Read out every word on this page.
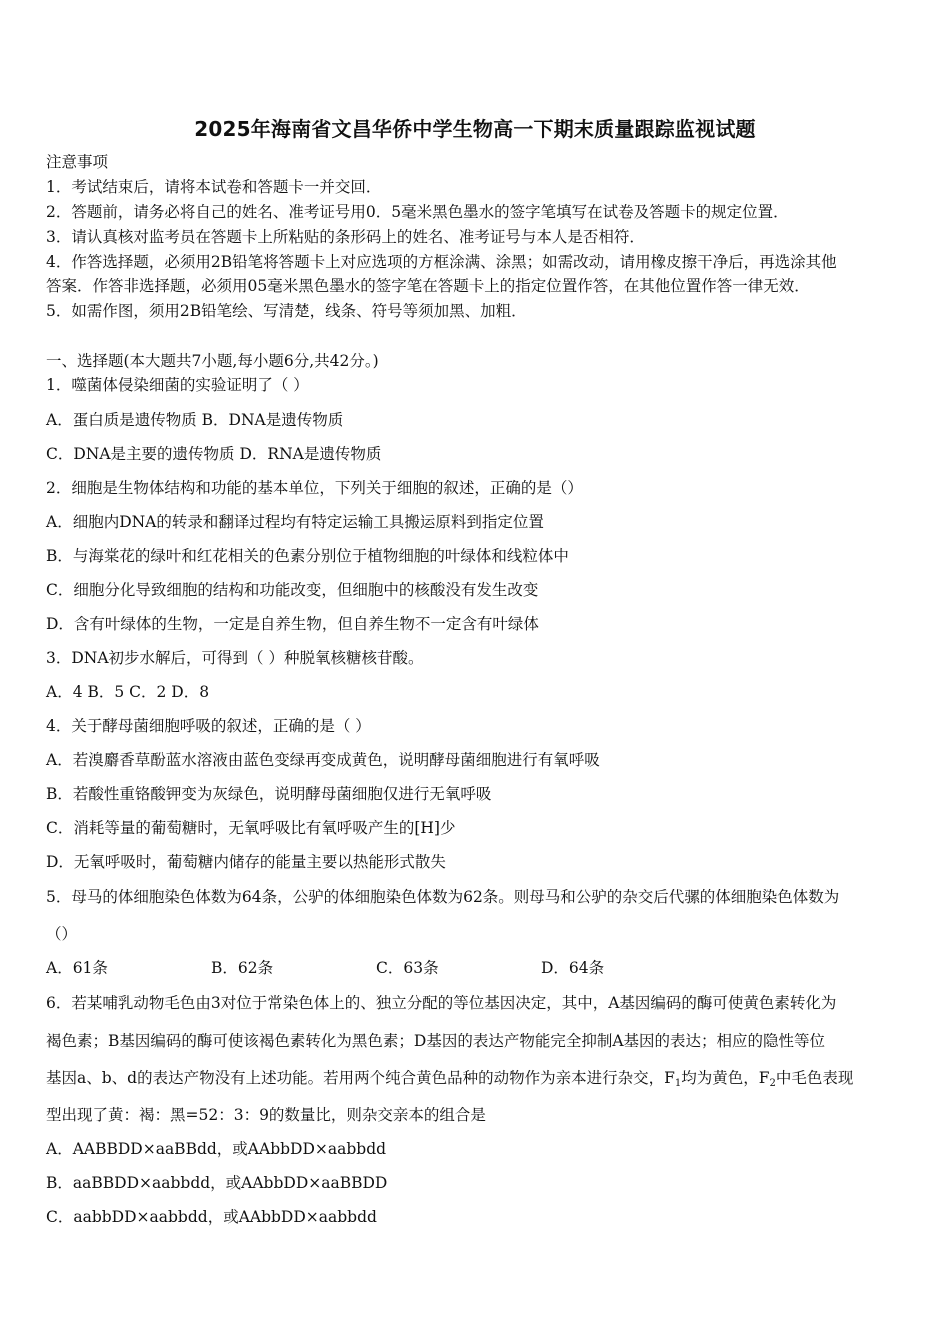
2025年海南省文昌华侨中学生物高一下期末质量跟踪监视试题
注意事项
1．考试结束后，请将本试卷和答题卡一并交回．
2．答题前，请务必将自己的姓名、准考证号用0．5毫米黑色墨水的签字笔填写在试卷及答题卡的规定位置．
3．请认真核对监考员在答题卡上所粘贴的条形码上的姓名、准考证号与本人是否相符．
4．作答选择题，必须用2B铅笔将答题卡上对应选项的方框涂满、涂黑；如需改动，请用橡皮擦干净后，再选涂其他
答案．作答非选择题，必须用05毫米黑色墨水的签字笔在答题卡上的指定位置作答，在其他位置作答一律无效．
5．如需作图，须用2B铅笔绘、写清楚，线条、符号等须加黑、加粗．
一、选择题(本大题共7小题,每小题6分,共42分。)
1．噬菌体侵染细菌的实验证明了（ ）
A．蛋白质是遗传物质 B．DNA是遗传物质
C．DNA是主要的遗传物质 D．RNA是遗传物质
2．细胞是生物体结构和功能的基本单位，下列关于细胞的叙述，正确的是（）
A．细胞内DNA的转录和翻译过程均有特定运输工具搬运原料到指定位置
B．与海棠花的绿叶和红花相关的色素分别位于植物细胞的叶绿体和线粒体中
C．细胞分化导致细胞的结构和功能改变，但细胞中的核酸没有发生改变
D．含有叶绿体的生物，一定是自养生物，但自养生物不一定含有叶绿体
3．DNA初步水解后，可得到（ ）种脱氧核糖核苷酸。
A．4 B．5 C．2 D．8
4．关于酵母菌细胞呼吸的叙述，正确的是（ ）
A．若溴麝香草酚蓝水溶液由蓝色变绿再变成黄色，说明酵母菌细胞进行有氧呼吸
B．若酸性重铬酸钾变为灰绿色，说明酵母菌细胞仅进行无氧呼吸
C．消耗等量的葡萄糖时，无氧呼吸比有氧呼吸产生的[H]少
D．无氧呼吸时，葡萄糖内储存的能量主要以热能形式散失
5．母马的体细胞染色体数为64条，公驴的体细胞染色体数为62条。则母马和公驴的杂交后代骡的体细胞染色体数为
（）
A．61条	B．62条	C．63条	D．64条
6．若某哺乳动物毛色由3对位于常染色体上的、独立分配的等位基因决定，其中，A基因编码的酶可使黄色素转化为
褐色素；B基因编码的酶可使该褐色素转化为黑色素；D基因的表达产物能完全抑制A基因的表达；相应的隐性等位
基因a、b、d的表达产物没有上述功能。若用两个纯合黄色品种的动物作为亲本进行杂交，$F_1$均为黄色，$F_2$中毛色表现
型出现了黄：褐：黑=52：3：9的数量比，则杂交亲本的组合是
A．AABBDD×aaBBdd，或AAbbDD×aabbdd
B．aaBBDD×aabbdd，或AAbbDD×aaBBDD
C．aabbDD×aabbdd，或AAbbDD×aabbdd
